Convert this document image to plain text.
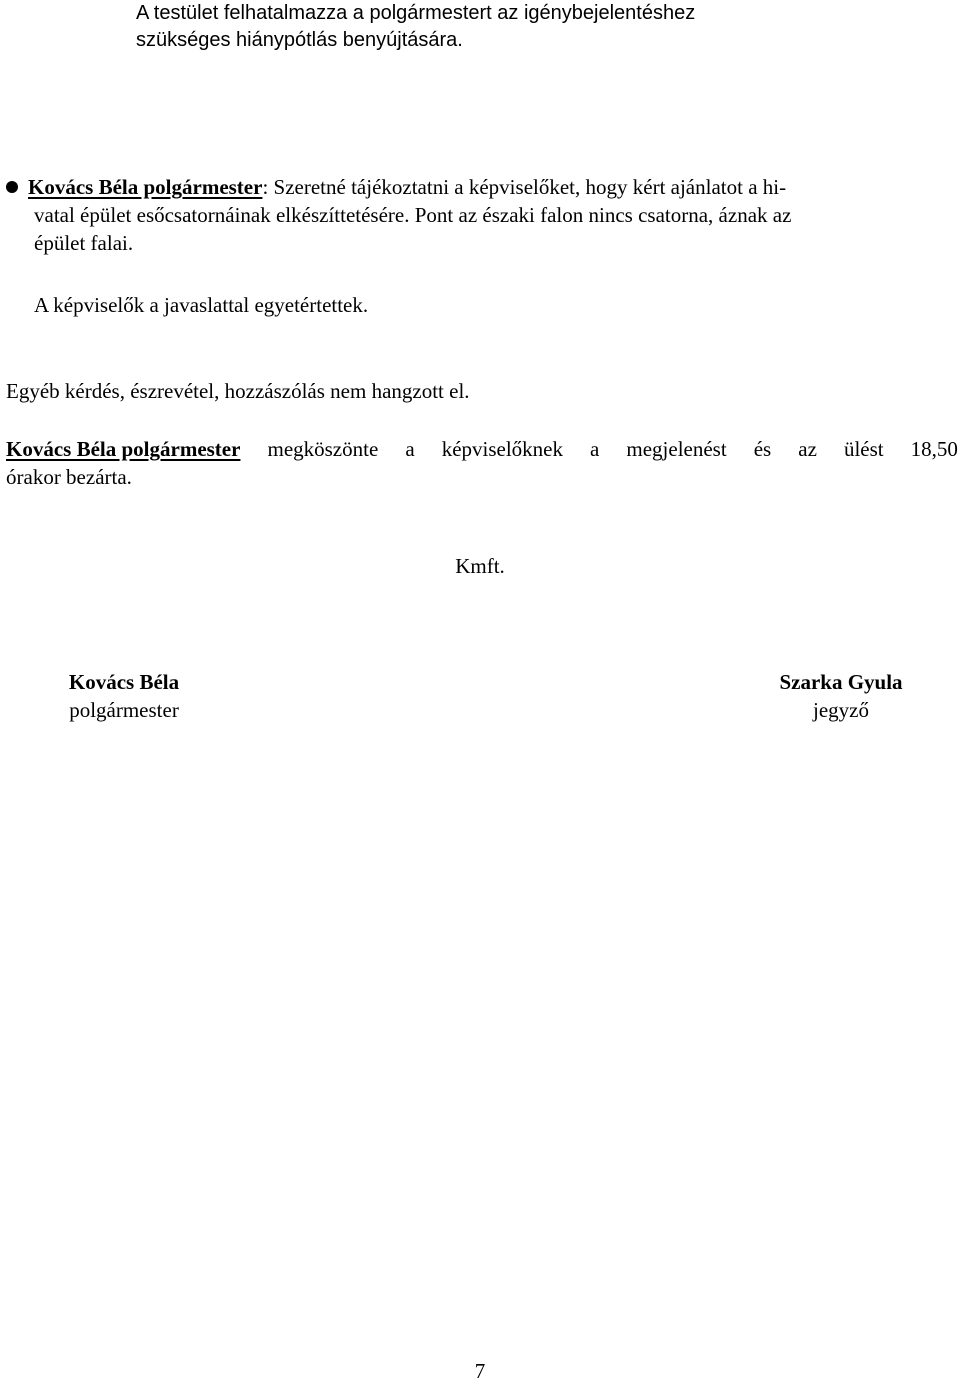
A testület felhatalmazza a polgármestert az igénybejelentéshez

szükséges hiánypótlás benyújtására.

Kovács Béla polgármester: Szeretné tájékoztatni a képviselőket, hogy kért ajánlatot a hi-
vatal épület esőcsatornáinak elkészíttetésére. Pont az északi falon nincs csatorna, áznak az
épület falai.
A képviselők a javaslattal egyetértettek.
Egyéb kérdés, észrevétel, hozzászólás nem hangzott el.
Kovács Béla polgármester megköszönte a képviselőknek a megjelenést és az ülést 18,50
órakor bezárta.
Kmft.
Kovács Béla
polgármester
Szarka Gyula
jegyző
7
